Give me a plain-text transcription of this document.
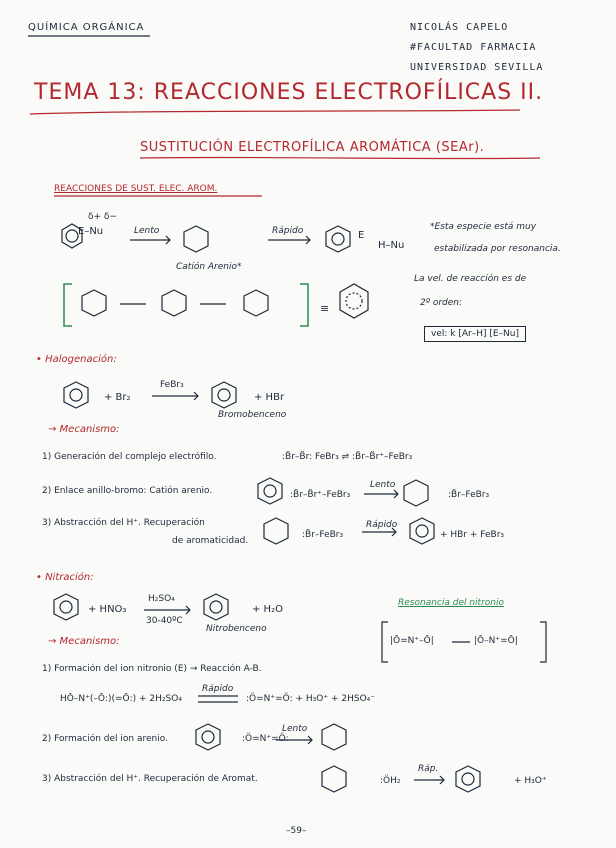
QUÍMICA ORGÁNICA	NICOLÁS CAPELO
#FACULTAD FARMACIA
UNIVERSIDAD SEVILLA
TEMA 13: REACCIONES ELECTROFÍLICAS II.
SUSTITUCIÓN ELECTROFÍLICA AROMÁTICA (SEAr).
REACCIONES DE SUST. ELEC. AROM.
δ+ δ−
E–Nu	Lento	Rápido
Catión Arenio*
E
H–Nu
*Esta especie está muy
estabilizada por resonancia.
La vel. de reacción es de
2º orden:
vel: k [Ar–H] [E–Nu]
≡
• Halogenación:
+ Br₂
FeBr₃
+ HBr
Bromobenceno
→ Mecanismo:
1) Generación del complejo electrófilo.	:B̈r–B̈r: FeBr₃ ⇌ :B̈r–B̈r⁺–FeBr₃
2) Enlace anillo-bromo: Catión arenio.	:B̈r–B̈r⁺–FeBr₃
Lento
:B̈r–FeBr₃
3) Abstracción del H⁺. Recuperación
de aromaticidad.
:B̈r–FeBr₃
Rápido
+ HBr + FeBr₃
• Nitración:
+ HNO₃
H₂SO₄
30-40ºC
+ H₂O
Nitrobenceno
Resonancia del nitronio
|Ō=N⁺–Ō|	|Ō–N⁺=Ō|
→ Mecanismo:
1) Formación del ion nitronio (E) → Reacción A-B.
HŌ–N⁺(–Ō:)(=Ō:) + 2H₂SO₄
Rápido
:Ö=N⁺=Ö: + H₃O⁺ + 2HSO₄⁻
2) Formación del ion arenio.	:Ö=N⁺=Ö:
Lento
3) Abstracción del H⁺. Recuperación de Aromat.	:ÖH₂
Ráp.
+ H₃O⁺
–59–
